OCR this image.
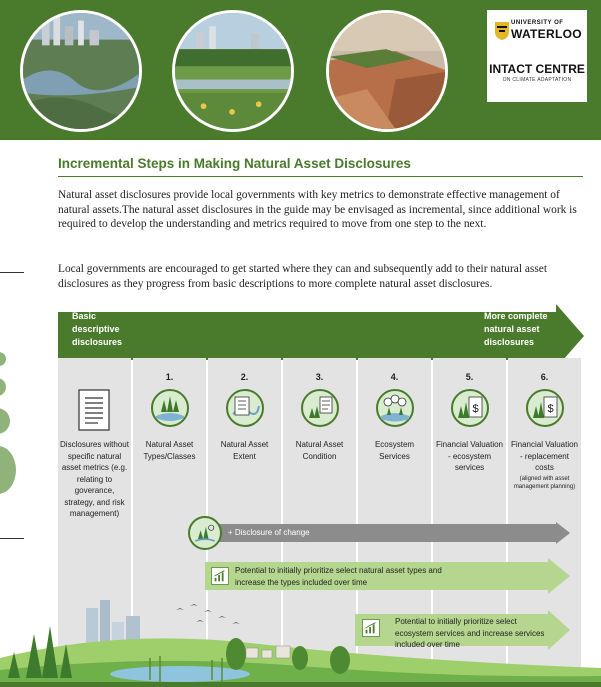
UNIVERSITY OF
WATERLOO
INTACT CENTRE
ON CLIMATE ADAPTATION
Incremental Steps in Making Natural Asset Disclosures

Natural asset disclosures provide local governments with key metrics to demonstrate effective management of natural assets.The natural asset disclosures in the guide may be envisaged as incremental, since additional work is required to develop the understanding and metrics required to move from one step to the next.

Local governments are encouraged to get started where they can and subsequently add to their natural asset disclosures as they progress from basic descriptions to more complete natural asset disclosures.

Basic descriptive disclosures
More complete natural asset disclosures
1.	2.	3.	4.	5.	6.
$	$
Disclosures without specific natural asset metrics (e.g. relating to goverance, strategy, and risk management)
Natural Asset Types/Classes
Natural Asset Extent
Natural Asset Condition
Ecosystem Services
Financial Valuation - ecosystem services
Financial Valuation - replacement costs
(aligned with asset management planning)
+ Disclosure of change
Potential to initially prioritize select natural asset types and increase the types included over time
Potential to initially prioritize select ecosystem services and increase services included over time
